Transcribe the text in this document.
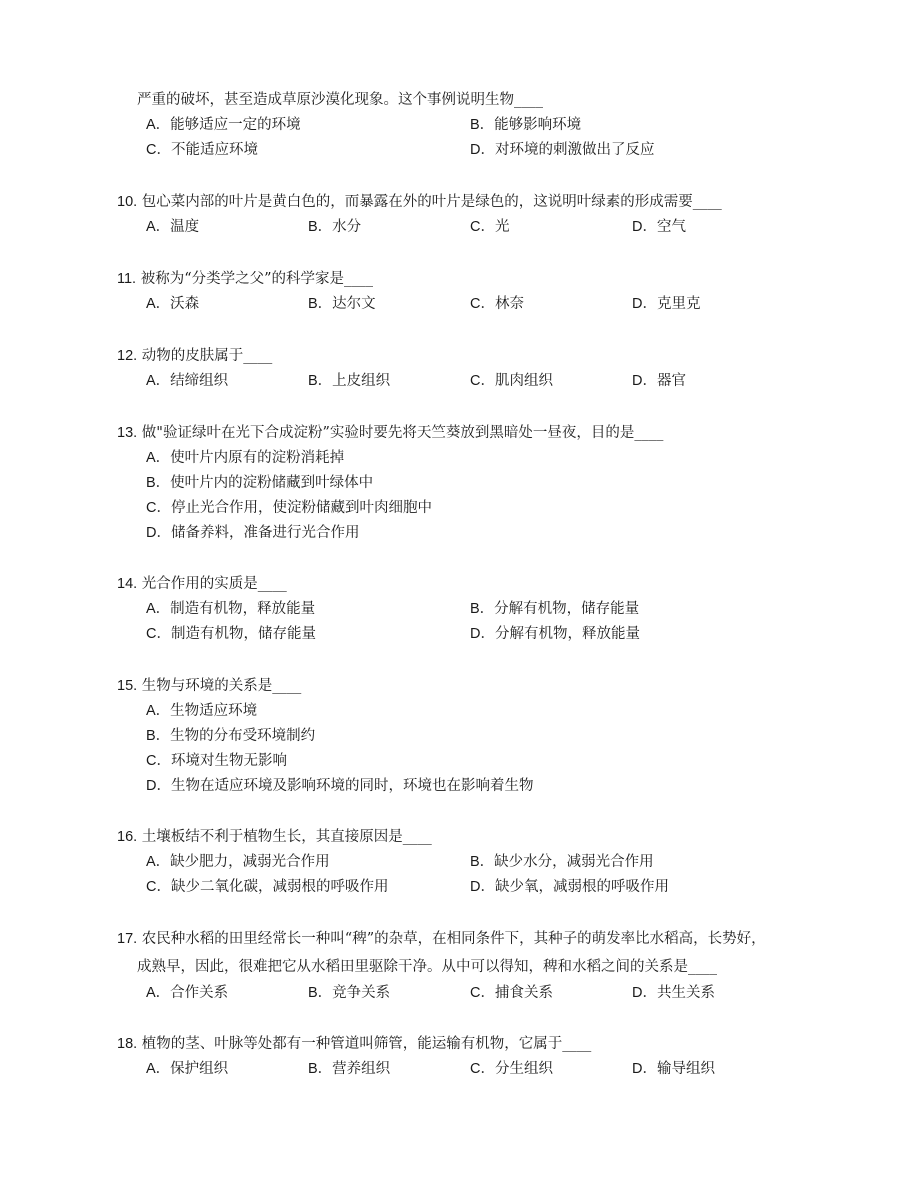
严重的破坏，甚至造成草原沙漠化现象。这个事例说明生物____
A．能够适应一定的环境	B．能够影响环境
C．不能适应环境	D．对环境的刺激做出了反应
10. 包心菜内部的叶片是黄白色的，而暴露在外的叶片是绿色的，这说明叶绿素的形成需要____
A．温度	B．水分	C．光	D．空气
11. 被称为“分类学之父”的科学家是____
A．沃森	B．达尔文	C．林奈	D．克里克
12. 动物的皮肤属于____
A．结缔组织	B．上皮组织	C．肌肉组织	D．器官
13. 做"验证绿叶在光下合成淀粉”实验时要先将天竺葵放到黑暗处一昼夜，目的是____
A．使叶片内原有的淀粉消耗掉
B．使叶片内的淀粉储藏到叶绿体中
C．停止光合作用，使淀粉储藏到叶肉细胞中
D．储备养料，准备进行光合作用
14. 光合作用的实质是____
A．制造有机物，释放能量	B．分解有机物，储存能量
C．制造有机物，储存能量	D．分解有机物，释放能量
15. 生物与环境的关系是____
A．生物适应环境
B．生物的分布受环境制约
C．环境对生物无影响
D．生物在适应环境及影响环境的同时，环境也在影响着生物
16. 土壤板结不利于植物生长，其直接原因是____
A．缺少肥力，减弱光合作用	B．缺少水分，减弱光合作用
C．缺少二氧化碳，减弱根的呼吸作用	D．缺少氧，减弱根的呼吸作用
17. 农民种水稻的田里经常长一种叫“稗”的杂草，在相同条件下，其种子的萌发率比水稻高，长势好，
成熟早，因此，很难把它从水稻田里驱除干净。从中可以得知，稗和水稻之间的关系是____
A．合作关系	B．竞争关系	C．捕食关系	D．共生关系
18. 植物的茎、叶脉等处都有一种管道叫筛管，能运输有机物，它属于____
A．保护组织	B．营养组织	C．分生组织	D．输导组织
